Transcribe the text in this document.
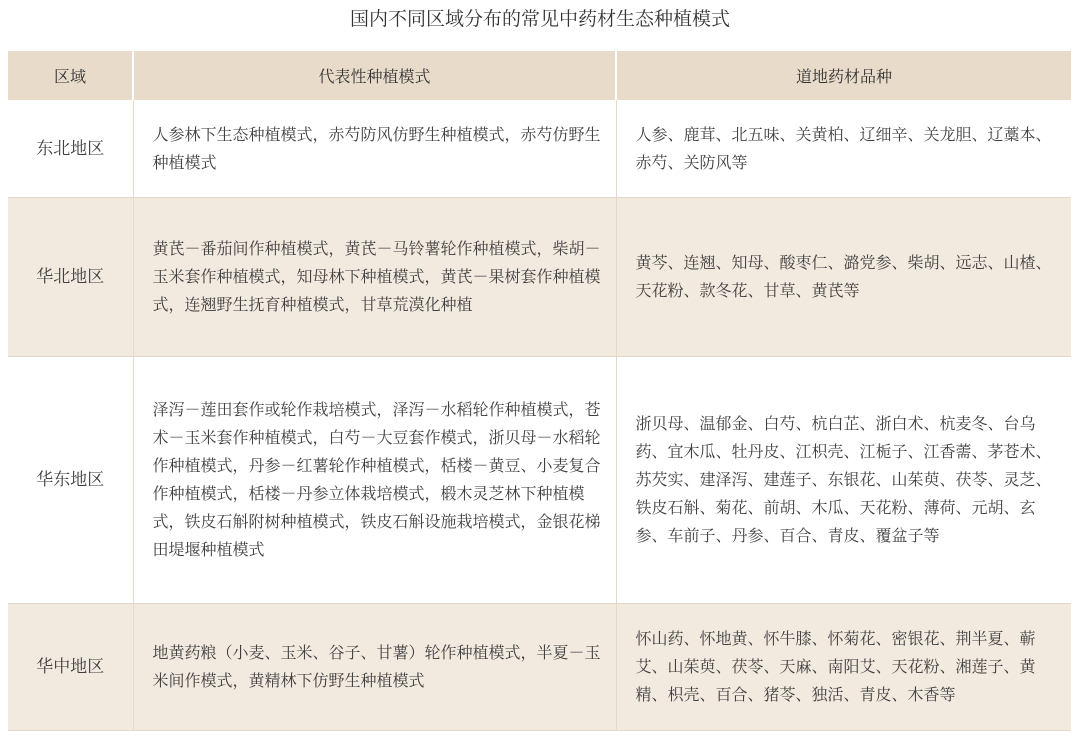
国内不同区域分布的常见中药材生态种植模式
区域	代表性种植模式	道地药材品种
东北地区	人参林下生态种植模式，赤芍防风仿野生种植模式，赤芍仿野生种植模式	人参、鹿茸、北五味、关黄柏、辽细辛、关龙胆、辽藁本、赤芍、关防风等
华北地区	黄芪－番茄间作种植模式，黄芪－马铃薯轮作种植模式，柴胡－玉米套作种植模式，知母林下种植模式，黄芪－果树套作种植模式，连翘野生抚育种植模式，甘草荒漠化种植	黄芩、连翘、知母、酸枣仁、潞党参、柴胡、远志、山楂、天花粉、款冬花、甘草、黄芪等
华东地区	泽泻－莲田套作或轮作栽培模式，泽泻－水稻轮作种植模式，苍术－玉米套作种植模式，白芍－大豆套作模式，浙贝母－水稻轮作种植模式，丹参－红薯轮作种植模式，栝楼－黄豆、小麦复合作种植模式，栝楼－丹参立体栽培模式，椴木灵芝林下种植模式，铁皮石斛附树种植模式，铁皮石斛设施栽培模式，金银花梯田堤堰种植模式	浙贝母、温郁金、白芍、杭白芷、浙白术、杭麦冬、台乌药、宜木瓜、牡丹皮、江枳壳、江栀子、江香薷、茅苍术、苏芡实、建泽泻、建莲子、东银花、山茱萸、茯苓、灵芝、铁皮石斛、菊花、前胡、木瓜、天花粉、薄荷、元胡、玄参、车前子、丹参、百合、青皮、覆盆子等
华中地区	地黄药粮（小麦、玉米、谷子、甘薯）轮作种植模式，半夏－玉米间作模式，黄精林下仿野生种植模式	怀山药、怀地黄、怀牛膝、怀菊花、密银花、荆半夏、蕲艾、山茱萸、茯苓、天麻、南阳艾、天花粉、湘莲子、黄精、枳壳、百合、猪苓、独活、青皮、木香等
